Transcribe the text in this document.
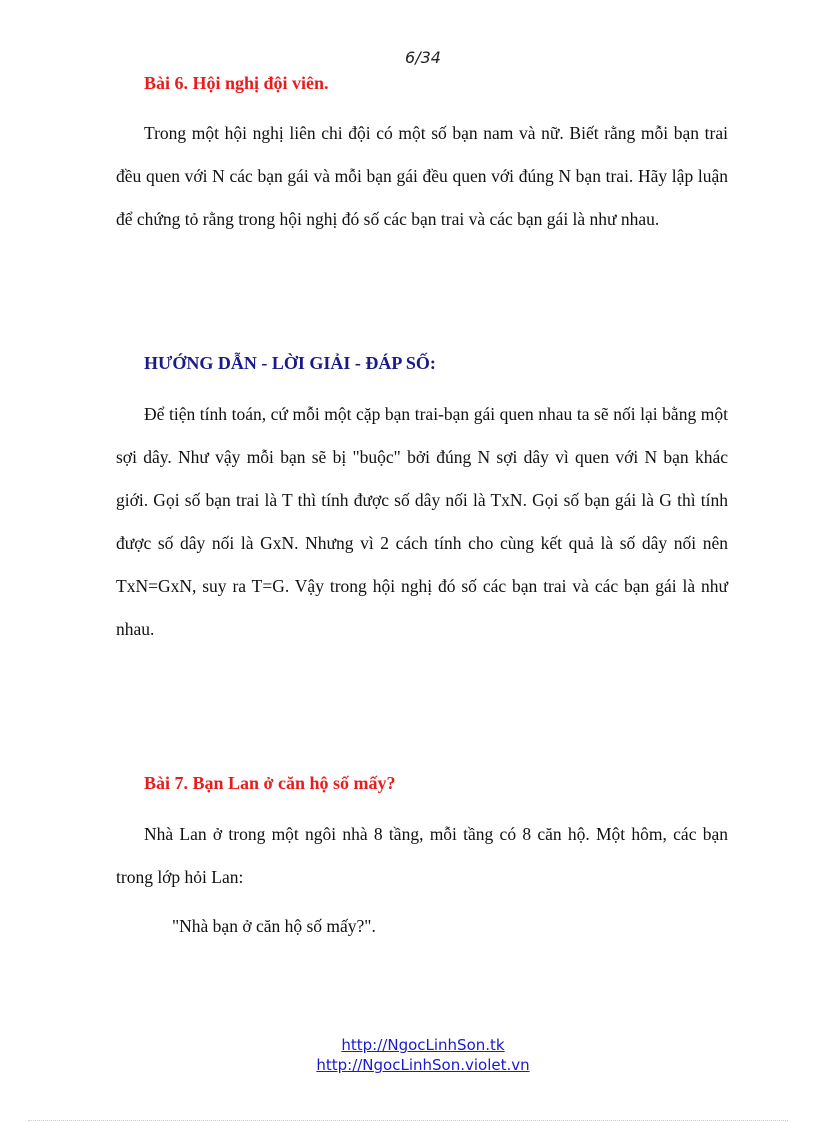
6/34
Bài 6. Hội nghị đội viên.

Trong một hội nghị liên chi đội có một số bạn nam và nữ. Biết rằng mỗi bạn trai đều quen với N các bạn gái và mỗi bạn gái đều quen với đúng N bạn trai. Hãy lập luận để chứng tỏ rằng trong hội nghị đó số các bạn trai và các bạn gái là như nhau.

HƯỚNG DẪN - LỜI GIẢI - ĐÁP SỐ:

Để tiện tính toán, cứ mỗi một cặp bạn trai-bạn gái quen nhau ta sẽ nối lại bằng một sợi dây. Như vậy mỗi bạn sẽ bị "buộc" bởi đúng N sợi dây vì quen với N bạn khác giới. Gọi số bạn trai là T thì tính được số dây nối là TxN. Gọi số bạn gái là G thì tính được số dây nối là GxN. Nhưng vì 2 cách tính cho cùng kết quả là số dây nối nên TxN=GxN, suy ra T=G. Vậy trong hội nghị đó số các bạn trai và các bạn gái là như nhau.

Bài 7. Bạn Lan ở căn hộ số mấy?

Nhà Lan ở trong một ngôi nhà 8 tầng, mỗi tầng có 8 căn hộ. Một hôm, các bạn trong lớp hỏi Lan:

"Nhà bạn ở căn hộ số mấy?".
http://NgocLinhSon.tk
http://NgocLinhSon.violet.vn
